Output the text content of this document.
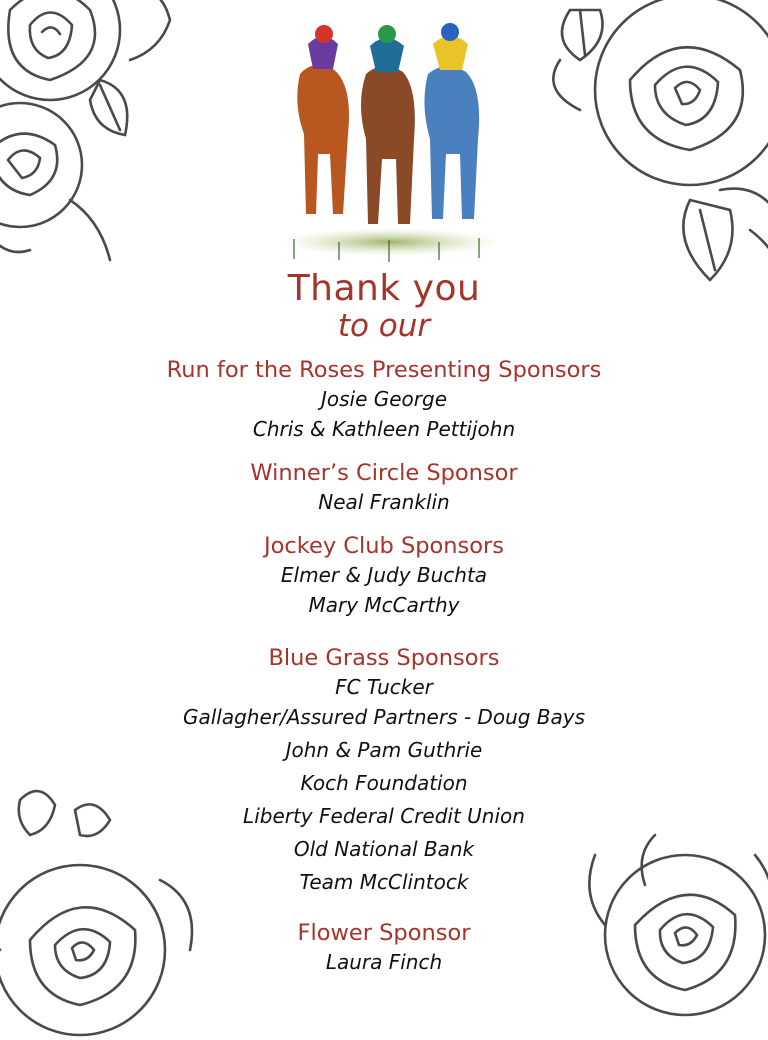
Thank you
to our
Run for the Roses Presenting Sponsors
Josie George
Chris & Kathleen Pettijohn
Winner’s Circle Sponsor
Neal Franklin
Jockey Club Sponsors
Elmer & Judy Buchta
Mary McCarthy
Blue Grass Sponsors
FC Tucker
Gallagher/Assured Partners - Doug Bays
John & Pam Guthrie
Koch Foundation
Liberty Federal Credit Union
Old National Bank
Team McClintock
Flower Sponsor
Laura Finch
